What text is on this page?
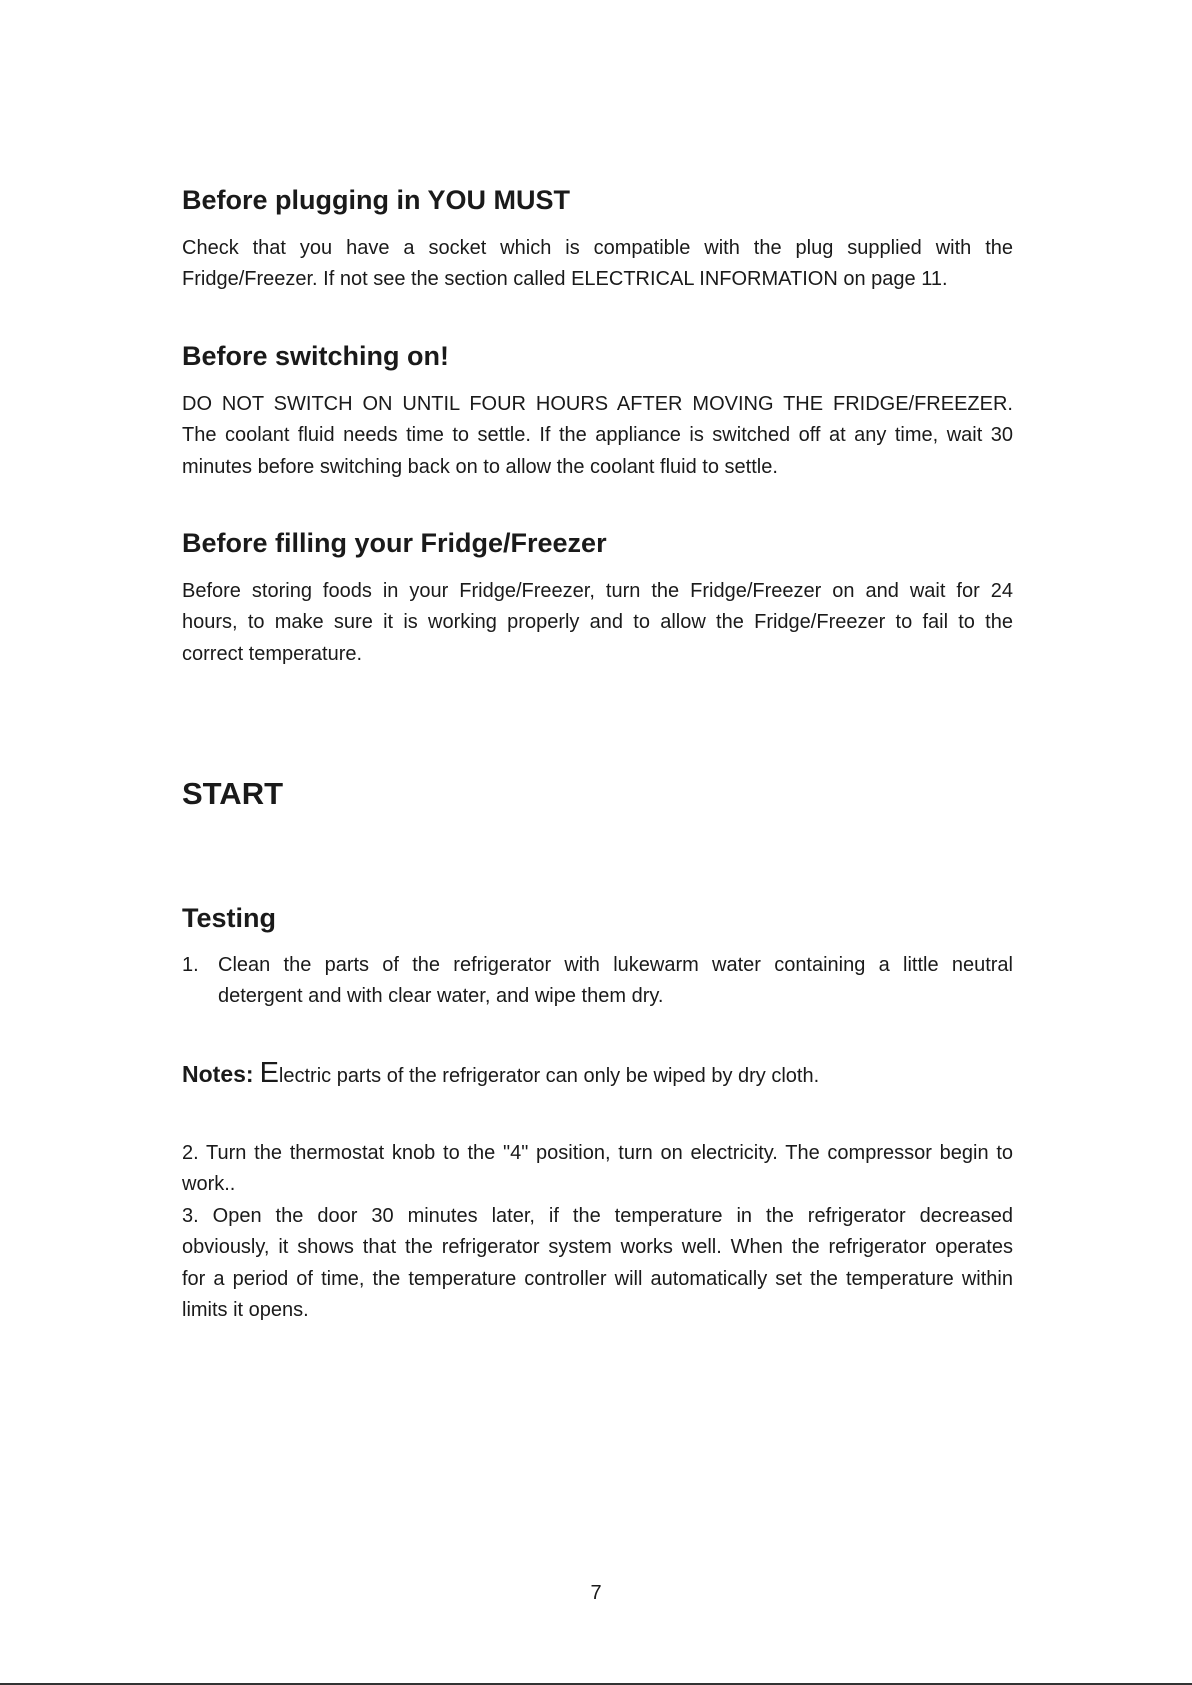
Before plugging in YOU MUST
Check that you have a socket which is compatible with the plug supplied with the
Fridge/Freezer. If not see the section called ELECTRICAL INFORMATION on page 11.
Before switching on!
DO NOT SWITCH ON UNTIL FOUR HOURS AFTER MOVING THE FRIDGE/FREEZER.
The coolant fluid needs time to settle. If the appliance is switched off at any time, wait 30
minutes before switching back on to allow the coolant fluid to settle.
Before filling your Fridge/Freezer
Before storing foods in your Fridge/Freezer, turn the Fridge/Freezer on and wait for 24
hours, to make sure it is working properly and to allow the Fridge/Freezer to fail to the
correct temperature.
START
Testing
1. Clean the parts of the refrigerator with lukewarm water containing a little neutral
detergent and with clear water, and wipe them dry.
Notes: Electric parts of the refrigerator can only be wiped by dry cloth.
2. Turn the thermostat knob to the "4" position, turn on electricity. The compressor begin to
work..
3. Open the door 30 minutes later, if the temperature in the refrigerator decreased
obviously, it shows that the refrigerator system works well. When the refrigerator operates
for a period of time, the temperature controller will automatically set the temperature within
limits it opens.
7
